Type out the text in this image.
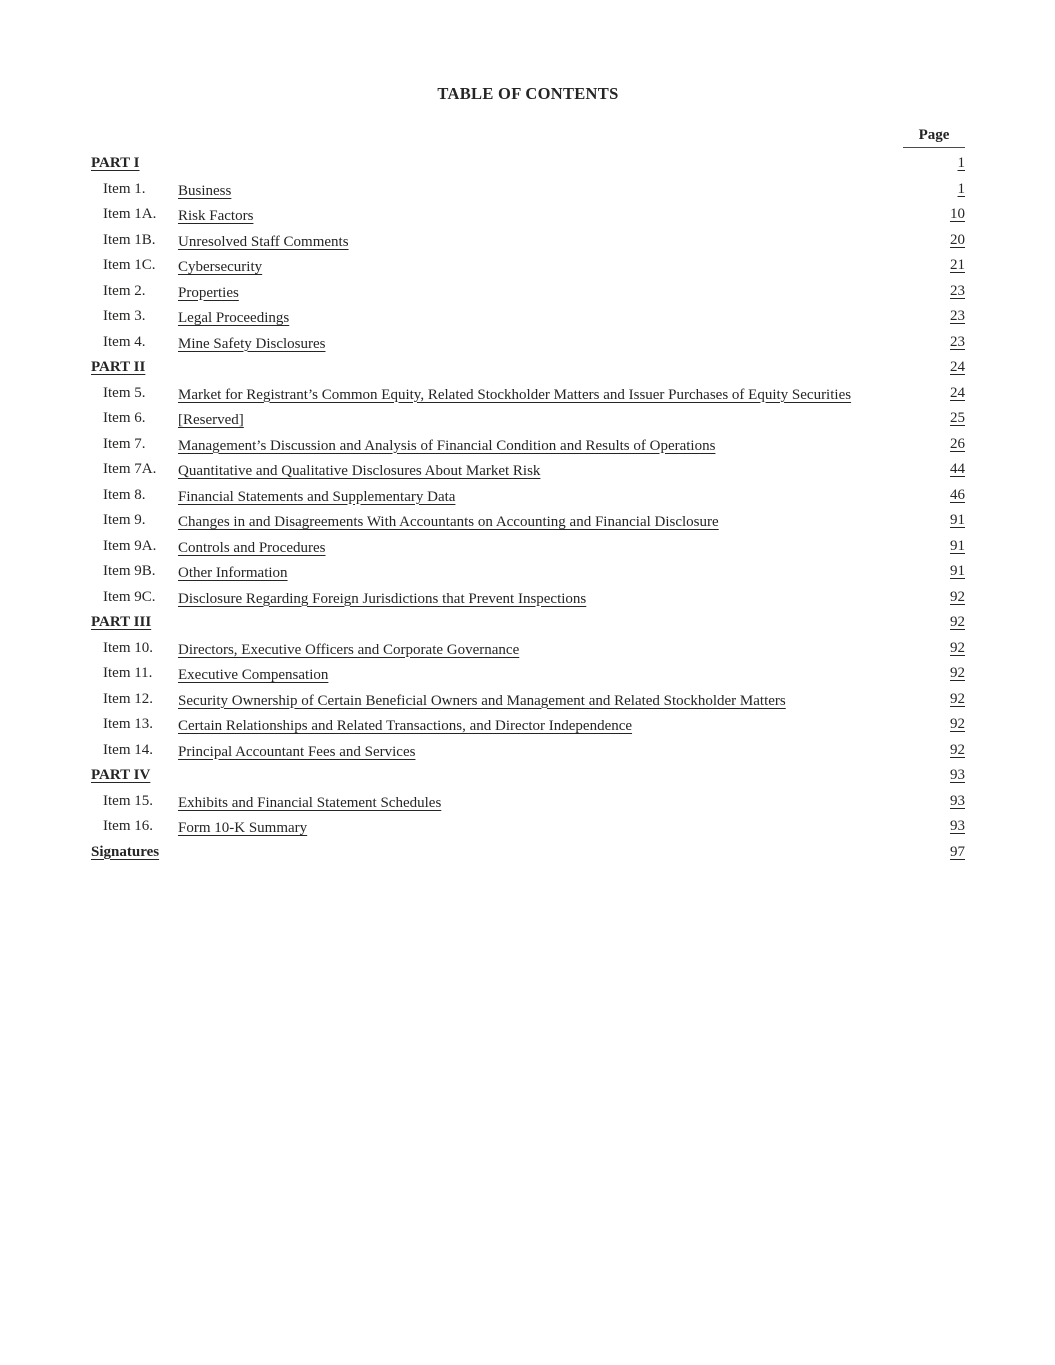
TABLE OF CONTENTS
Page
PART I	1
Item 1.	Business	1
Item 1A.	Risk Factors	10
Item 1B.	Unresolved Staff Comments	20
Item 1C.	Cybersecurity	21
Item 2.	Properties	23
Item 3.	Legal Proceedings	23
Item 4.	Mine Safety Disclosures	23
PART II	24
Item 5.	Market for Registrant’s Common Equity, Related Stockholder Matters and Issuer Purchases of Equity Securities	24
Item 6.	[Reserved]	25
Item 7.	Management’s Discussion and Analysis of Financial Condition and Results of Operations	26
Item 7A.	Quantitative and Qualitative Disclosures About Market Risk	44
Item 8.	Financial Statements and Supplementary Data	46
Item 9.	Changes in and Disagreements With Accountants on Accounting and Financial Disclosure	91
Item 9A.	Controls and Procedures	91
Item 9B.	Other Information	91
Item 9C.	Disclosure Regarding Foreign Jurisdictions that Prevent Inspections	92
PART III	92
Item 10.	Directors, Executive Officers and Corporate Governance	92
Item 11.	Executive Compensation	92
Item 12.	Security Ownership of Certain Beneficial Owners and Management and Related Stockholder Matters	92
Item 13.	Certain Relationships and Related Transactions, and Director Independence	92
Item 14.	Principal Accountant Fees and Services	92
PART IV	93
Item 15.	Exhibits and Financial Statement Schedules	93
Item 16.	Form 10-K Summary	93
Signatures	97
